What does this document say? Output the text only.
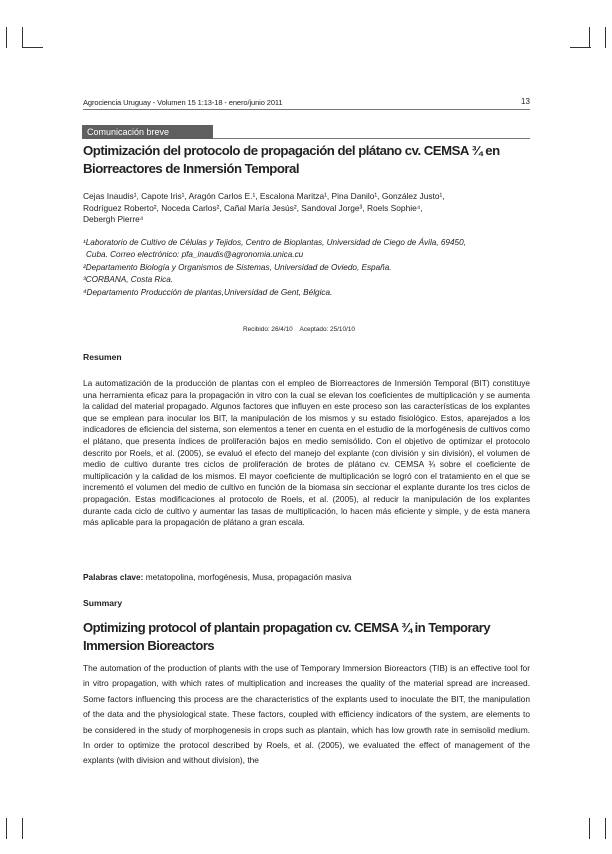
Agrociencia Uruguay - Volumen 15 1:13-18 - enero/junio 2011	13
Comunicación breve
Optimización del protocolo de propagación del plátano cv. CEMSA ¾ en Biorreactores de Inmersión Temporal
Cejas Inaudis¹, Capote Iris¹, Aragón Carlos E.¹, Escalona Maritza¹, Pina Danilo¹, González Justo¹,
Rodríguez Roberto², Noceda Carlos², Cañal María Jesús², Sandoval Jorge³, Roels Sophie⁴,
Debergh Pierre⁴
¹Laboratorio de Cultivo de Células y Tejidos, Centro de Bioplantas, Universidad de Ciego de Ávila, 69450,
Cuba. Correo electrónico: pfa_inaudis@agronomia.unica.cu
²Departamento Biología y Organismos de Sistemas, Universidad de Oviedo, España.
³CORBANA, Costa Rica.
⁴Departamento Producción de plantas,Universidad de Gent, Bélgica.
Recibido: 26/4/10    Aceptado: 25/10/10
Resumen

La automatización de la producción de plantas con el empleo de Biorreactores de Inmersión Temporal (BIT) constituye una herramienta eficaz para la propagación in vitro con la cual se elevan los coeficientes de multiplicación y se aumenta la calidad del material propagado. Algunos factores que influyen en este proceso son las características de los explantes que se emplean para inocular los BIT, la manipulación de los mismos y su estado fisiológico. Estos, aparejados a los indicadores de eficiencia del sistema, son elementos a tener en cuenta en el estudio de la morfogénesis de cultivos como el plátano, que presenta índices de proliferación bajos en medio semisólido. Con el objetivo de optimizar el protocolo descrito por Roels, et al. (2005), se evaluó el efecto del manejo del explante (con división y sin división), el volumen de medio de cultivo durante tres ciclos de proliferación de brotes de plátano cv. CEMSA ¾ sobre el coeficiente de multiplicación y la calidad de los mismos. El mayor coeficiente de multiplicación se logró con el tratamiento en el que se incrementó el volumen del medio de cultivo en función de la biomasa sin seccionar el explante durante los tres ciclos de propagación. Estas modificaciones al protocolo de Roels, et al. (2005), al reducir la manipulación de los explantes durante cada ciclo de cultivo y aumentar las tasas de multiplicación, lo hacen más eficiente y simple, y de esta manera más aplicable para la propagación de plátano a gran escala.

Palabras clave: metatopolina, morfogénesis, Musa, propagación masiva

Summary
Optimizing protocol of plantain propagation cv. CEMSA ¾ in Temporary Immersion Bioreactors

The automation of the production of plants with the use of Temporary Immersion Bioreactors (TIB) is an effective tool for in vitro propagation, with which rates of multiplication and increases the quality of the material spread are increased. Some factors influencing this process are the characteristics of the explants used to inoculate the BIT, the manipulation of the data and the physiological state. These factors, coupled with efficiency indicators of the system, are elements to be considered in the study of morphogenesis in crops such as plantain, which has low growth rate in semisolid medium. In order to optimize the protocol described by Roels, et al. (2005), we evaluated the effect of management of the explants (with division and without division), the
